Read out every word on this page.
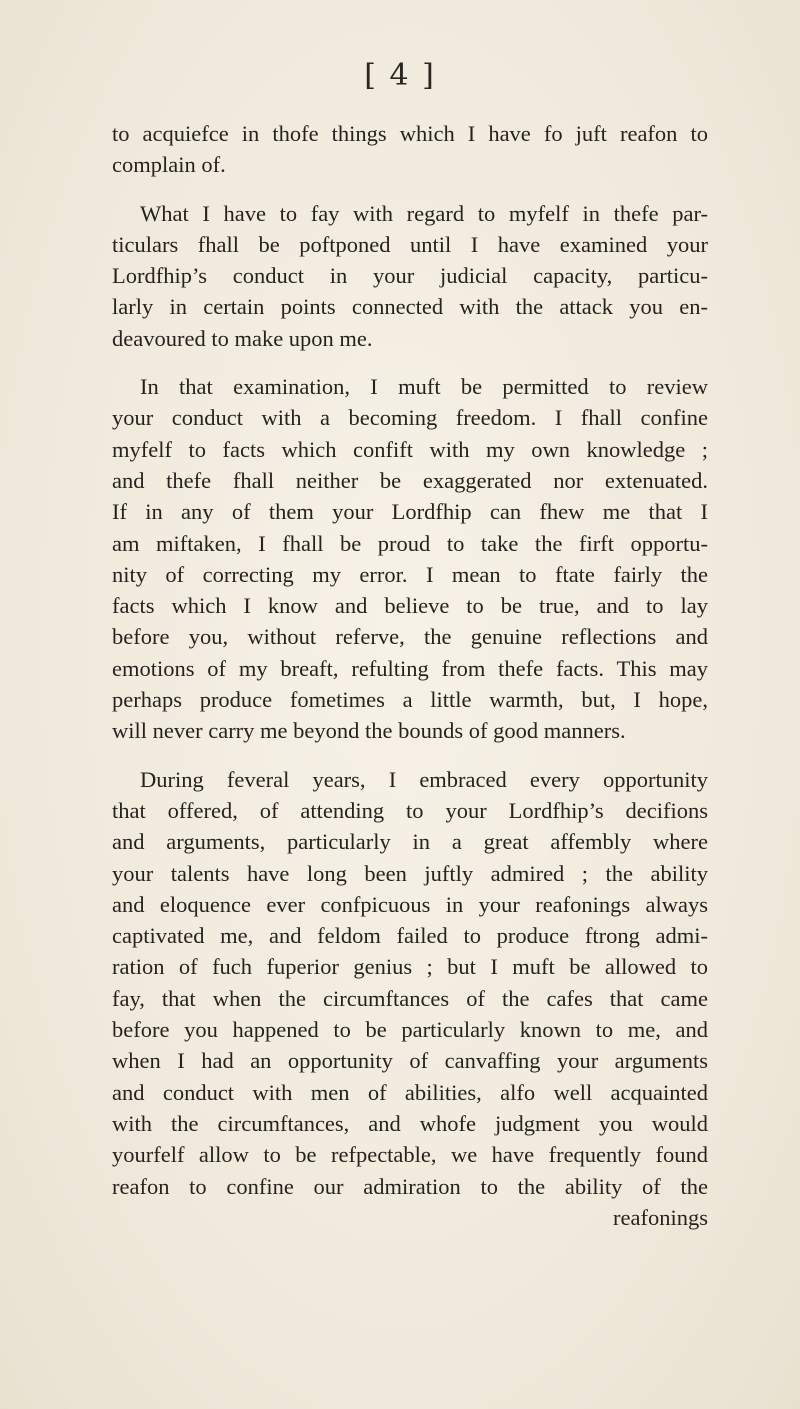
[ 4 ]
to acquiefce in thofe things which I have fo juft reafon to
complain of.
What I have to fay with regard to myfelf in thefe par-
ticulars fhall be poftponed until I have examined your
Lordfhip’s conduct in your judicial capacity, particu-
larly in certain points connected with the attack you en-
deavoured to make upon me.
In that examination, I muft be permitted to review
your conduct with a becoming freedom. I fhall confine
myfelf to facts which confift with my own knowledge ;
and thefe fhall neither be exaggerated nor extenuated.
If in any of them your Lordfhip can fhew me that I
am miftaken, I fhall be proud to take the firft opportu-
nity of correcting my error. I mean to ftate fairly the
facts which I know and believe to be true, and to lay
before you, without referve, the genuine reflections and
emotions of my breaft, refulting from thefe facts. This may
perhaps produce fometimes a little warmth, but, I hope,
will never carry me beyond the bounds of good manners.
During feveral years, I embraced every opportunity
that offered, of attending to your Lordfhip’s decifions
and arguments, particularly in a great affembly where
your talents have long been juftly admired ; the ability
and eloquence ever confpicuous in your reafonings always
captivated me, and feldom failed to produce ftrong admi-
ration of fuch fuperior genius ; but I muft be allowed to
fay, that when the circumftances of the cafes that came
before you happened to be particularly known to me, and
when I had an opportunity of canvaffing your arguments
and conduct with men of abilities, alfo well acquainted
with the circumftances, and whofe judgment you would
yourfelf allow to be refpectable, we have frequently found
reafon to confine our admiration to the ability of the
reafonings
